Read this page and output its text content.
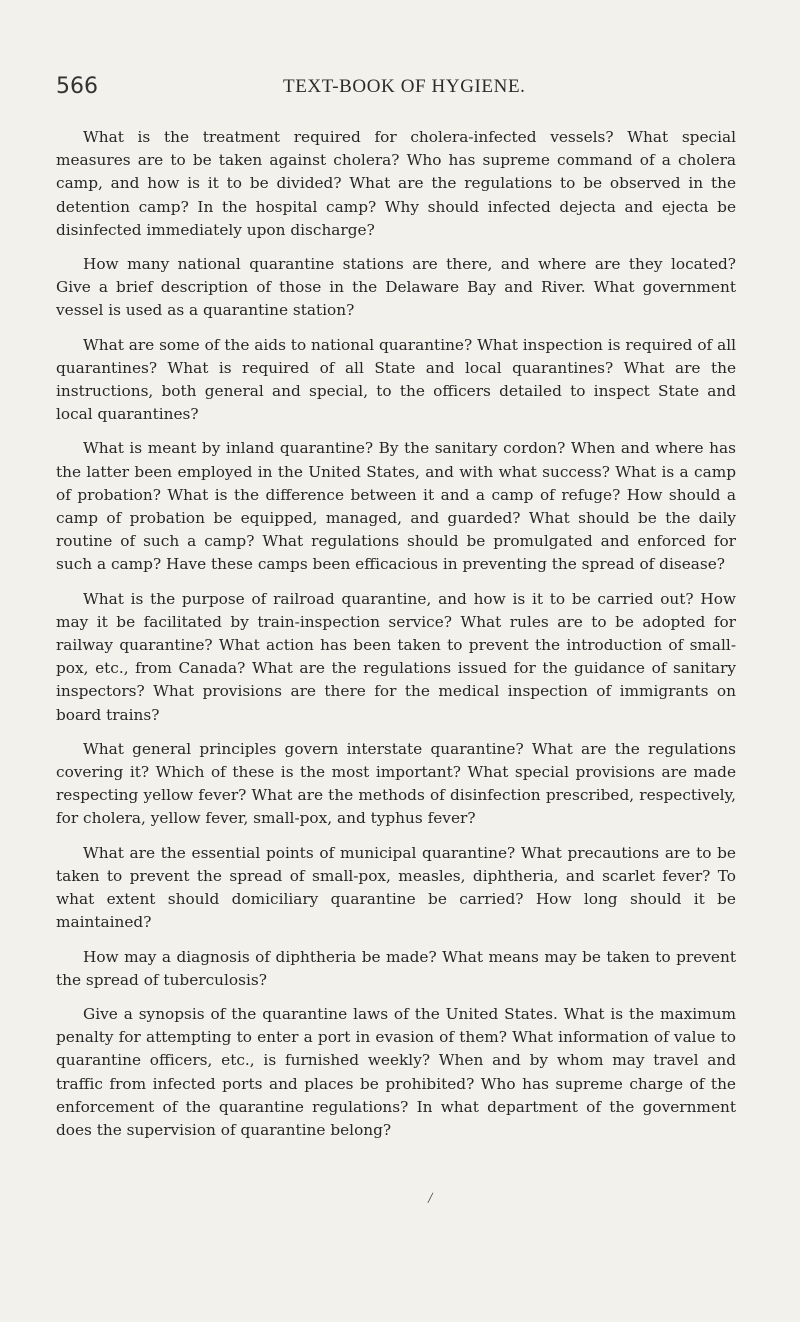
566	TEXT-BOOK OF HYGIENE.

What is the treatment required for cholera-infected vessels? What special measures are to be taken against cholera? Who has supreme command of a cholera camp, and how is it to be divided? What are the regulations to be observed in the detention camp? In the hospital camp? Why should infected dejecta and ejecta be disinfected immediately upon discharge?

How many national quarantine stations are there, and where are they located? Give a brief description of those in the Delaware Bay and River. What government vessel is used as a quarantine station?

What are some of the aids to national quarantine? What inspection is required of all quarantines? What is required of all State and local quarantines? What are the instructions, both general and special, to the officers detailed to inspect State and local quarantines?

What is meant by inland quarantine? By the sanitary cordon? When and where has the latter been employed in the United States, and with what success? What is a camp of probation? What is the difference between it and a camp of refuge? How should a camp of probation be equipped, managed, and guarded? What should be the daily routine of such a camp? What regulations should be promulgated and enforced for such a camp? Have these camps been efficacious in preventing the spread of disease?

What is the purpose of railroad quarantine, and how is it to be carried out? How may it be facilitated by train-inspection service? What rules are to be adopted for railway quarantine? What action has been taken to prevent the introduction of small-pox, etc., from Canada? What are the regulations issued for the guidance of sanitary inspectors? What provisions are there for the medical inspection of immigrants on board trains?

What general principles govern interstate quarantine? What are the regulations covering it? Which of these is the most important? What special provisions are made respecting yellow fever? What are the methods of disinfection prescribed, respectively, for cholera, yellow fever, small-pox, and typhus fever?

What are the essential points of municipal quarantine? What precautions are to be taken to prevent the spread of small-pox, measles, diphtheria, and scarlet fever? To what extent should domiciliary quarantine be carried? How long should it be maintained?

How may a diagnosis of diphtheria be made? What means may be taken to prevent the spread of tuberculosis?

Give a synopsis of the quarantine laws of the United States. What is the maximum penalty for attempting to enter a port in evasion of them? What information of value to quarantine officers, etc., is furnished weekly? When and by whom may travel and traffic from infected ports and places be prohibited? Who has supreme charge of the enforcement of the quarantine regulations? In what department of the government does the supervision of quarantine belong?

/
